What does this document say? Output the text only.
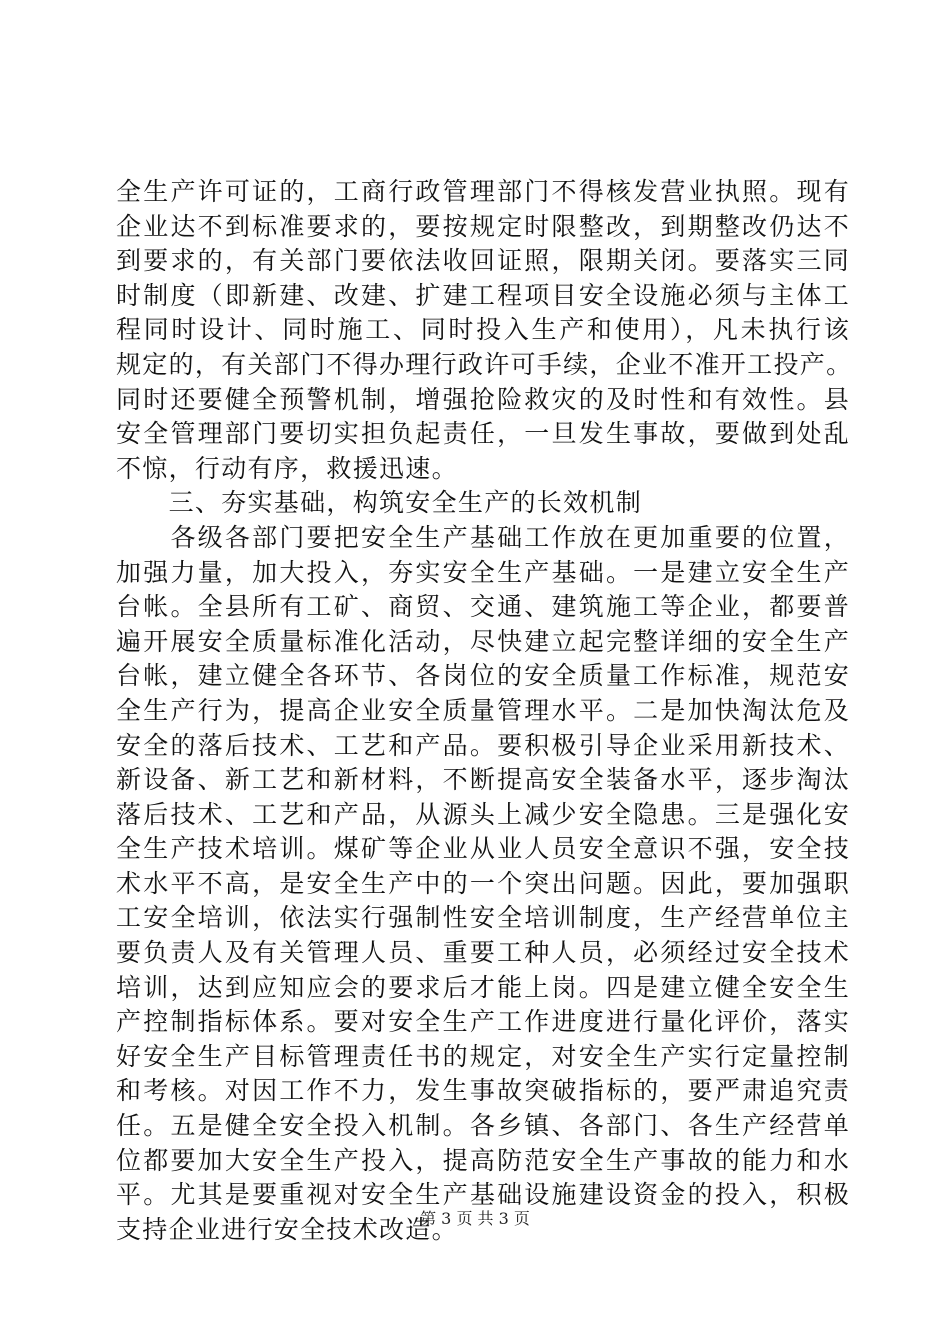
全生产许可证的，工商行政管理部门不得核发营业执照。现有
企业达不到标准要求的，要按规定时限整改，到期整改仍达不
到要求的，有关部门要依法收回证照，限期关闭。要落实三同
时制度（即新建、改建、扩建工程项目安全设施必须与主体工
程同时设计、同时施工、同时投入生产和使用），凡未执行该
规定的，有关部门不得办理行政许可手续，企业不准开工投产。
同时还要健全预警机制，增强抢险救灾的及时性和有效性。县
安全管理部门要切实担负起责任，一旦发生事故，要做到处乱
不惊，行动有序，救援迅速。
　　三、夯实基础，构筑安全生产的长效机制
　　各级各部门要把安全生产基础工作放在更加重要的位置，
加强力量，加大投入，夯实安全生产基础。一是建立安全生产
台帐。全县所有工矿、商贸、交通、建筑施工等企业，都要普
遍开展安全质量标准化活动，尽快建立起完整详细的安全生产
台帐，建立健全各环节、各岗位的安全质量工作标准，规范安
全生产行为，提高企业安全质量管理水平。二是加快淘汰危及
安全的落后技术、工艺和产品。要积极引导企业采用新技术、
新设备、新工艺和新材料，不断提高安全装备水平，逐步淘汰
落后技术、工艺和产品，从源头上减少安全隐患。三是强化安
全生产技术培训。煤矿等企业从业人员安全意识不强，安全技
术水平不高，是安全生产中的一个突出问题。因此，要加强职
工安全培训，依法实行强制性安全培训制度，生产经营单位主
要负责人及有关管理人员、重要工种人员，必须经过安全技术
培训，达到应知应会的要求后才能上岗。四是建立健全安全生
产控制指标体系。要对安全生产工作进度进行量化评价，落实
好安全生产目标管理责任书的规定，对安全生产实行定量控制
和考核。对因工作不力，发生事故突破指标的，要严肃追究责
任。五是健全安全投入机制。各乡镇、各部门、各生产经营单
位都要加大安全生产投入，提高防范安全生产事故的能力和水
平。尤其是要重视对安全生产基础设施建设资金的投入，积极
支持企业进行安全技术改造。
第 3 页 共 3 页
